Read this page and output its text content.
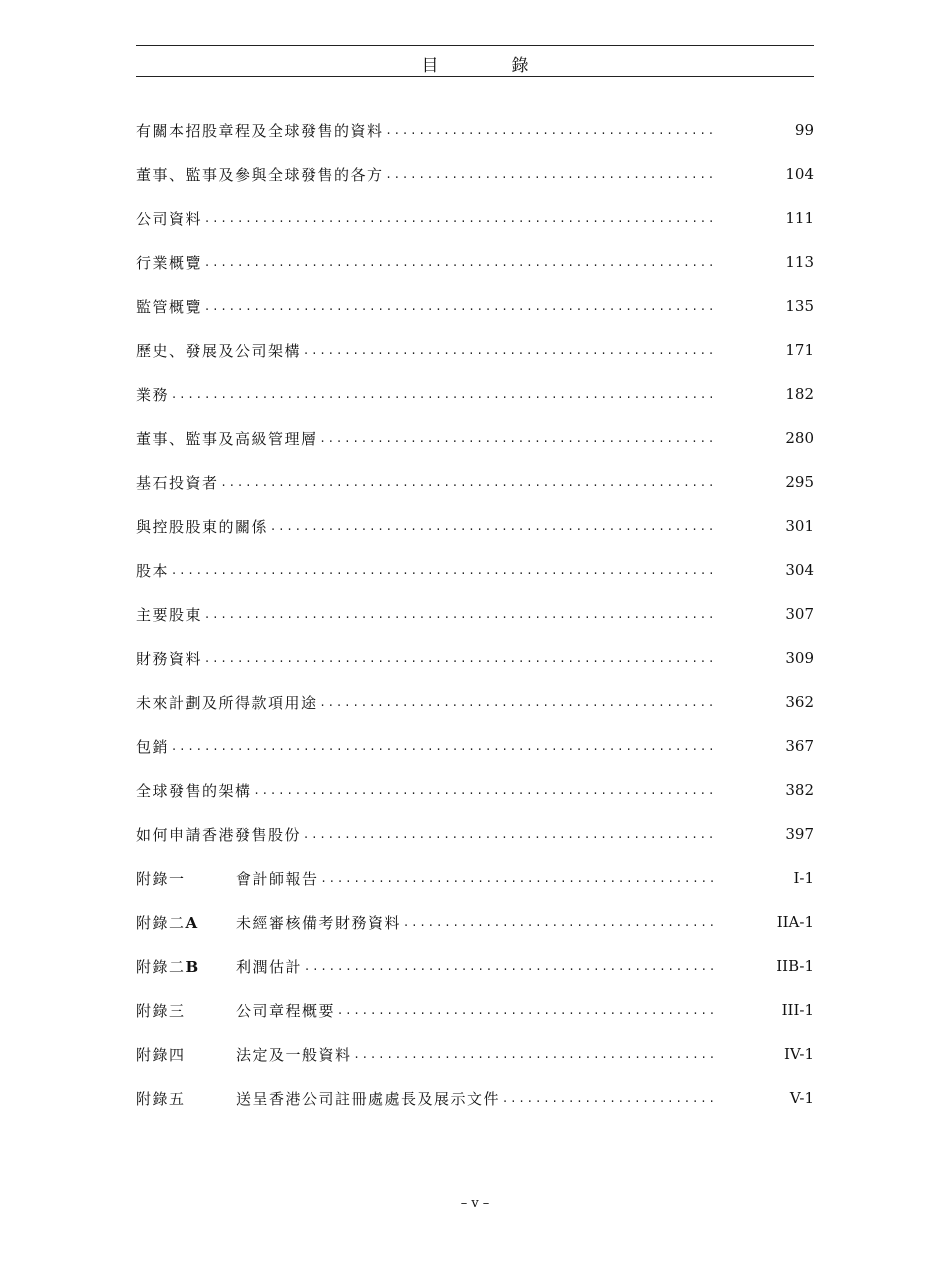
目　錄
有關本招股章程及全球發售的資料 . . .	99
董事、監事及參與全球發售的各方 . . .	104
公司資料 . . .	111
行業概覽 . . .	113
監管概覽 . . .	135
歷史、發展及公司架構 . . .	171
業務 . . .	182
董事、監事及高級管理層 . . .	280
基石投資者 . . .	295
與控股股東的關係 . . .	301
股本 . . .	304
主要股東 . . .	307
財務資料 . . .	309
未來計劃及所得款項用途 . . .	362
包銷 . . .	367
全球發售的架構 . . .	382
如何申請香港發售股份 . . .	397
附錄一	會計師報告 . . .	I-1
附錄二A	未經審核備考財務資料 . . .	IIA-1
附錄二B	利潤估計 . . .	IIB-1
附錄三	公司章程概要 . . .	III-1
附錄四	法定及一般資料 . . .	IV-1
附錄五	送呈香港公司註冊處處長及展示文件 . . .	V-1
– v –
